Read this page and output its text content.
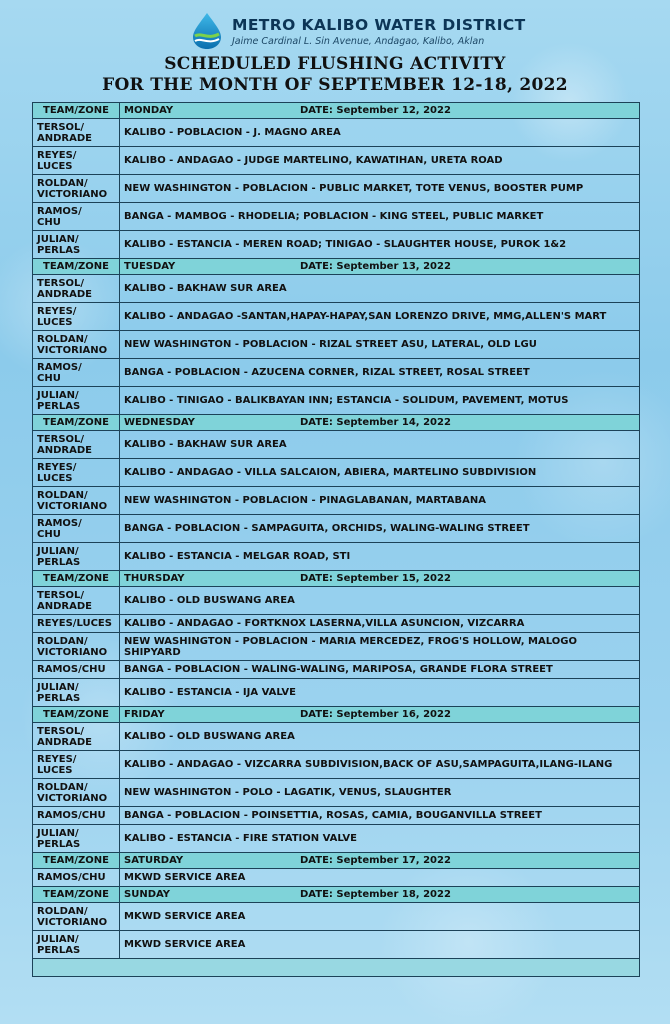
METRO KALIBO WATER DISTRICT
Jaime Cardinal L. Sin Avenue, Andagao, Kalibo, Aklan
SCHEDULED FLUSHING ACTIVITY
FOR THE MONTH OF SEPTEMBER 12-18, 2022
TEAM/ZONE	MONDAY DATE: September 12, 2022

TERSOL/
ANDRADE	KALIBO - POBLACION - J. MAGNO AREA

REYES/
LUCES	KALIBO - ANDAGAO - JUDGE MARTELINO, KAWATIHAN, URETA ROAD

ROLDAN/
VICTORIANO	NEW WASHINGTON - POBLACION - PUBLIC MARKET, TOTE VENUS, BOOSTER PUMP

RAMOS/
CHU	BANGA - MAMBOG - RHODELIA; POBLACION - KING STEEL, PUBLIC MARKET

JULIAN/
PERLAS	KALIBO - ESTANCIA - MEREN ROAD; TINIGAO - SLAUGHTER HOUSE, PUROK 1&2
TEAM/ZONE	TUESDAY DATE: September 13, 2022

TERSOL/
ANDRADE	KALIBO - BAKHAW SUR AREA

REYES/
LUCES	KALIBO - ANDAGAO -SANTAN,HAPAY-HAPAY,SAN LORENZO DRIVE, MMG,ALLEN'S MART

ROLDAN/
VICTORIANO	NEW WASHINGTON - POBLACION - RIZAL STREET ASU, LATERAL, OLD LGU

RAMOS/
CHU	BANGA - POBLACION - AZUCENA CORNER, RIZAL STREET, ROSAL STREET

JULIAN/
PERLAS	KALIBO - TINIGAO - BALIKBAYAN INN; ESTANCIA - SOLIDUM, PAVEMENT, MOTUS
TEAM/ZONE	WEDNESDAY DATE: September 14, 2022

TERSOL/
ANDRADE	KALIBO - BAKHAW SUR AREA

REYES/
LUCES	KALIBO - ANDAGAO - VILLA SALCAION, ABIERA, MARTELINO SUBDIVISION

ROLDAN/
VICTORIANO	NEW WASHINGTON - POBLACION - PINAGLABANAN, MARTABANA

RAMOS/
CHU	BANGA - POBLACION - SAMPAGUITA, ORCHIDS, WALING-WALING STREET

JULIAN/
PERLAS	KALIBO - ESTANCIA - MELGAR ROAD, STI
TEAM/ZONE	THURSDAY DATE: September 15, 2022

TERSOL/
ANDRADE	KALIBO - OLD BUSWANG AREA

REYES/LUCES	KALIBO - ANDAGAO - FORTKNOX LASERNA,VILLA ASUNCION, VIZCARRA

ROLDAN/
VICTORIANO	NEW WASHINGTON - POBLACION - MARIA MERCEDEZ, FROG'S HOLLOW, MALOGO SHIPYARD

RAMOS/CHU	BANGA - POBLACION - WALING-WALING, MARIPOSA, GRANDE FLORA STREET

JULIAN/
PERLAS	KALIBO - ESTANCIA - IJA VALVE
TEAM/ZONE	FRIDAY DATE: September 16, 2022

TERSOL/
ANDRADE	KALIBO - OLD BUSWANG AREA

REYES/
LUCES	KALIBO - ANDAGAO - VIZCARRA SUBDIVISION,BACK OF ASU,SAMPAGUITA,ILANG-ILANG

ROLDAN/
VICTORIANO	NEW WASHINGTON - POLO - LAGATIK, VENUS, SLAUGHTER

RAMOS/CHU	BANGA - POBLACION - POINSETTIA, ROSAS, CAMIA, BOUGANVILLA STREET

JULIAN/
PERLAS	KALIBO - ESTANCIA - FIRE STATION VALVE
TEAM/ZONE	SATURDAY DATE: September 17, 2022

RAMOS/CHU	MKWD SERVICE AREA
TEAM/ZONE	SUNDAY DATE: September 18, 2022

ROLDAN/
VICTORIANO	MKWD SERVICE AREA

JULIAN/
PERLAS	MKWD SERVICE AREA
